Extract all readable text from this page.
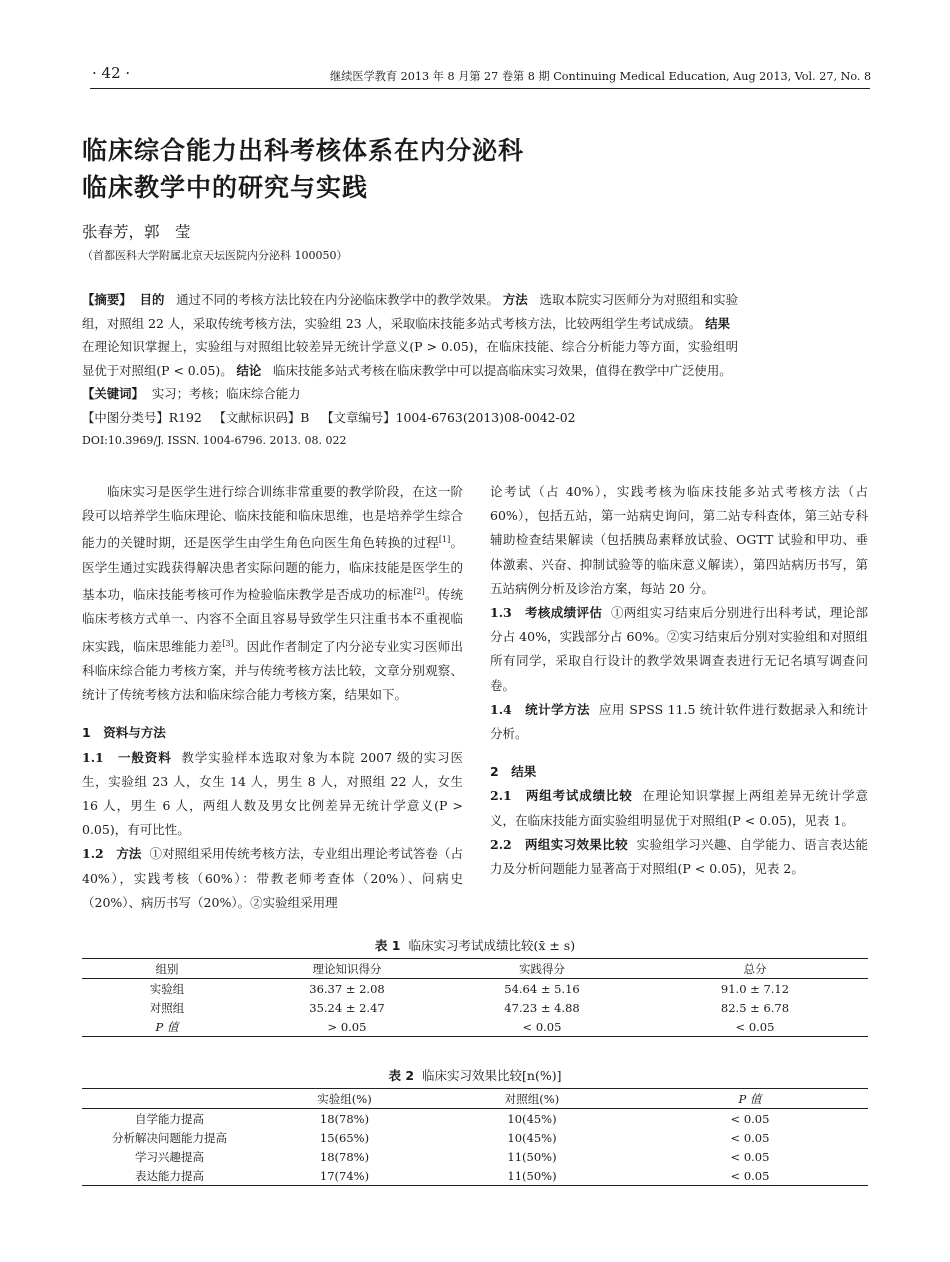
· 42 ·	继续医学教育 2013 年 8 月第 27 卷第 8 期 Continuing Medical Education, Aug 2013, Vol. 27, No. 8
临床综合能力出科考核体系在内分泌科
临床教学中的研究与实践
张春芳，郭　莹
（首都医科大学附属北京天坛医院内分泌科 100050）

【摘要】 目的 通过不同的考核方法比较在内分泌临床教学中的教学效果。 方法 选取本院实习医师分为对照组和实验组，对照组 22 人，采取传统考核方法，实验组 23 人，采取临床技能多站式考核方法，比较两组学生考试成绩。 结果   在理论知识掌握上，实验组与对照组比较差异无统计学意义(P > 0.05)，在临床技能、综合分析能力等方面，实验组明显优于对照组(P < 0.05)。 结论 临床技能多站式考核在临床教学中可以提高临床实习效果，值得在教学中广泛使用。

【关键词】 实习；考核；临床综合能力

【中图分类号】R192 【文献标识码】B 【文章编号】1004-6763(2013)08-0042-02

DOI:10.3969/J. ISSN. 1004-6796. 2013. 08. 022

临床实习是医学生进行综合训练非常重要的教学阶段，在这一阶段可以培养学生临床理论、临床技能和临床思维，也是培养学生综合能力的关键时期，还是医学生由学生角色向医生角色转换的过程[1]。医学生通过实践获得解决患者实际问题的能力，临床技能是医学生的基本功，临床技能考核可作为检验临床教学是否成功的标准[2]。传统临床考核方式单一、内容不全面且容易导致学生只注重书本不重视临床实践，临床思维能力差[3]。因此作者制定了内分泌专业实习医师出科临床综合能力考核方案，并与传统考核方法比较，文章分别观察、统计了传统考核方法和临床综合能力考核方案，结果如下。

1　资料与方法

1.1　一般资料 教学实验样本选取对象为本院 2007 级的实习医生，实验组 23 人，女生 14 人，男生 8 人，对照组 22 人，女生 16 人，男生 6 人，两组人数及男女比例差异无统计学意义(P > 0.05)，有可比性。

1.2　方法 ①对照组采用传统考核方法，专业组出理论考试答卷（占 40%），实践考核（60%）：带教老师考查体（20%）、问病史（20%）、病历书写（20%）。②实验组采用理

论考试（占 40%），实践考核为临床技能多站式考核方法（占 60%），包括五站，第一站病史询问，第二站专科查体，第三站专科辅助检查结果解读（包括胰岛素释放试验、OGTT 试验和甲功、垂体激素、兴奋、抑制试验等的临床意义解读），第四站病历书写，第五站病例分析及诊治方案，每站 20 分。

1.3　考核成绩评估 ①两组实习结束后分别进行出科考试，理论部分占 40%，实践部分占 60%。②实习结束后分别对实验组和对照组所有同学，采取自行设计的教学效果调查表进行无记名填写调查问卷。

1.4　统计学方法 应用 SPSS 11.5 统计软件进行数据录入和统计分析。

2　结果

2.1　两组考试成绩比较 在理论知识掌握上两组差异无统计学意义，在临床技能方面实验组明显优于对照组(P < 0.05)，见表 1。

2.2　两组实习效果比较 实验组学习兴趣、自学能力、语言表达能力及分析问题能力显著高于对照组(P < 0.05)，见表 2。

表 1 临床实习考试成绩比较(x̄ ± s)
组别	理论知识得分	实践得分	总分
实验组	36.37 ± 2.08	54.64 ± 5.16	91.0 ± 7.12
对照组	35.24 ± 2.47	47.23 ± 4.88	82.5 ± 6.78
P 值	> 0.05	< 0.05	< 0.05
表 2 临床实习效果比较[n(%)]
	实验组(%)	对照组(%)	P 值
自学能力提高	18(78%)	10(45%)	< 0.05
分析解决问题能力提高	15(65%)	10(45%)	< 0.05
学习兴趣提高	18(78%)	11(50%)	< 0.05
表达能力提高	17(74%)	11(50%)	< 0.05
